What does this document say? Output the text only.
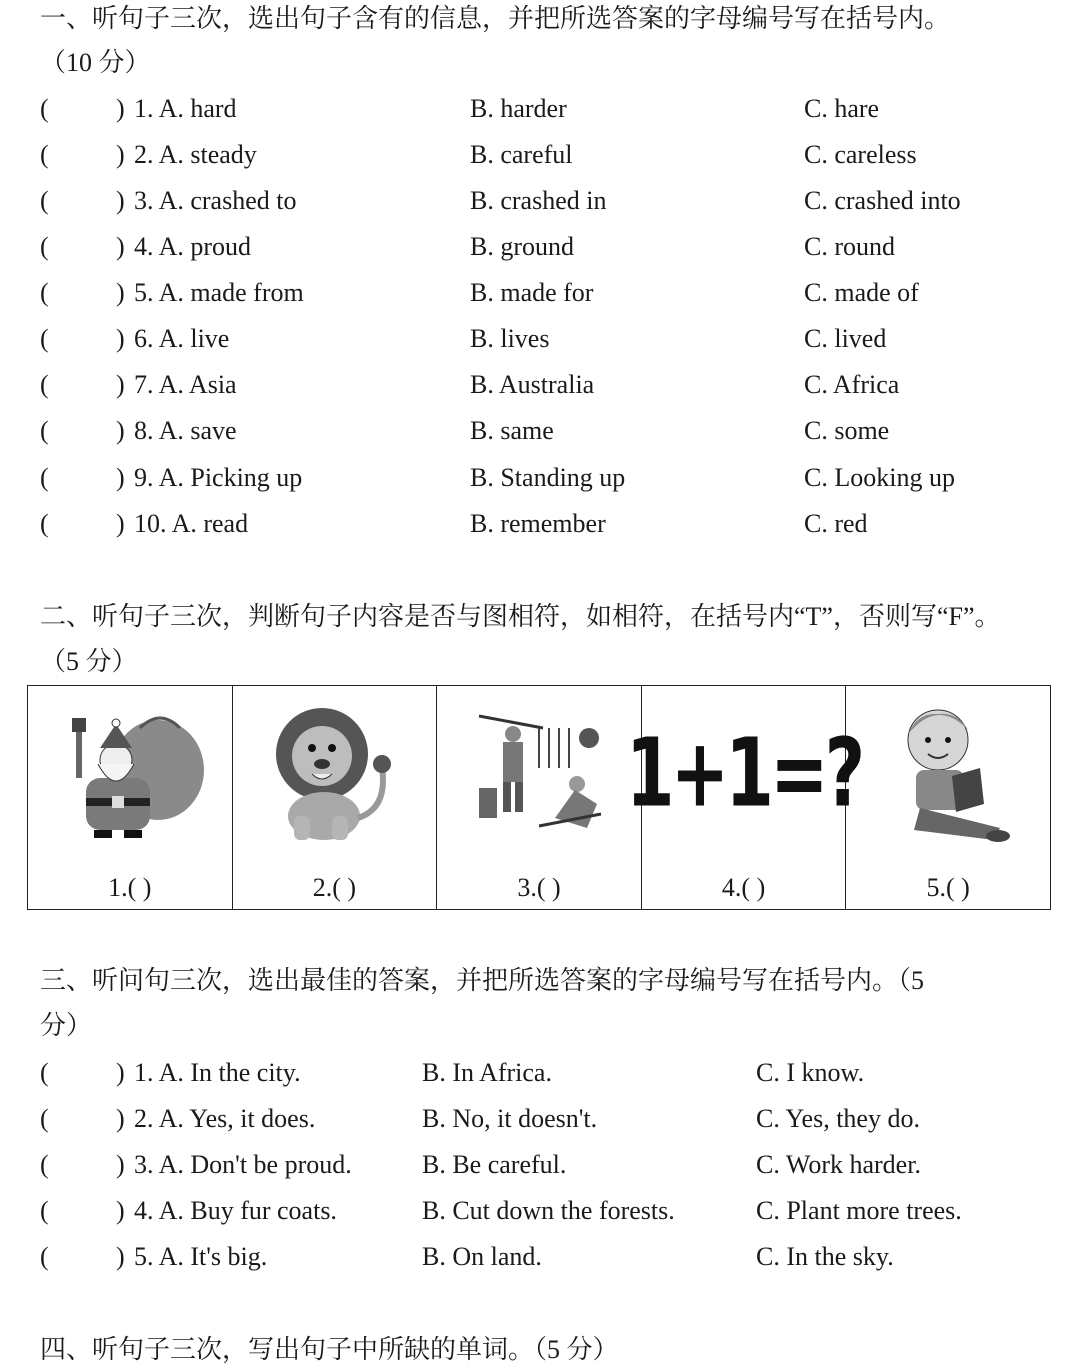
一、听句子三次，选出句子含有的信息，并把所选答案的字母编号写在括号内。
（10 分）
(	) 1. A. hard	B. harder	C. hare
(	) 2. A. steady	B. careful	C. careless
(	) 3. A. crashed to	B. crashed in	C. crashed into
(	) 4. A. proud	B. ground	C. round
(	) 5. A. made from	B. made for	C. made of
(	) 6. A. live	B. lives	C. lived
(	) 7. A. Asia	B. Australia	C. Africa
(	) 8. A. save	B. same	C. some
(	) 9. A. Picking up	B. Standing up	C. Looking up
(	) 10. A. read	B. remember	C. red
二、听句子三次，判断句子内容是否与图相符，如相符，在括号内“T”，否则写“F”。
（5 分）
1.( )	2.( )	3.( )
1+1=?
4.( )	5.( )
三、听问句三次，选出最佳的答案，并把所选答案的字母编号写在括号内。（5
分）
(	) 1. A. In the city.	B. In Africa.	C. I know.
(	) 2. A. Yes, it does.	B. No, it doesn't.	C. Yes, they do.
(	) 3. A. Don't be proud.	B. Be careful.	C. Work harder.
(	) 4. A. Buy fur coats.	B. Cut down the forests.	C. Plant more trees.
(	) 5. A. It's big.	B. On land.	C. In the sky.
四、听句子三次，写出句子中所缺的单词。（5 分）
